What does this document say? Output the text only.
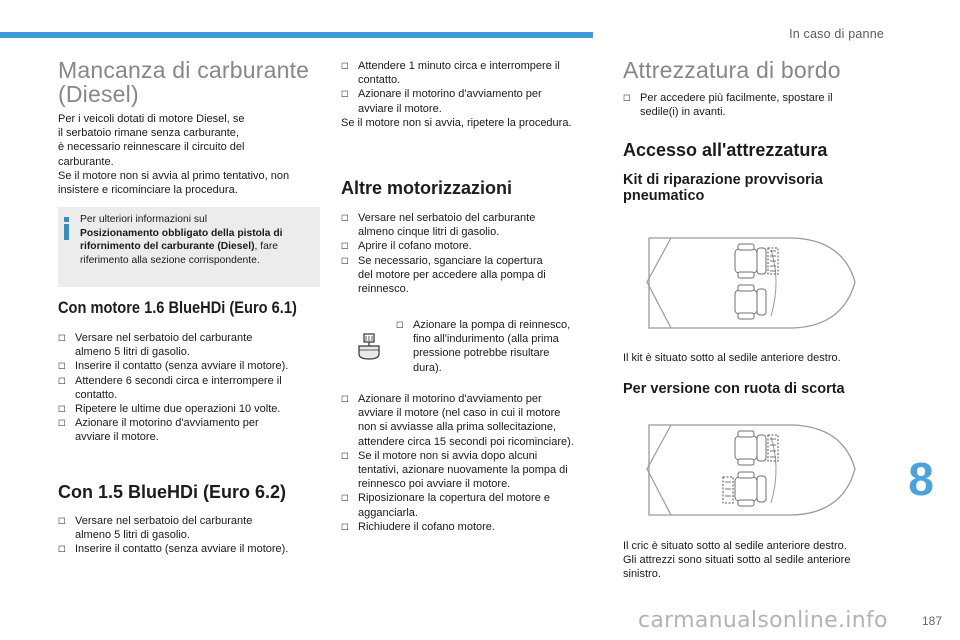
In caso di panne
Mancanza di carburante
(Diesel)
Per i veicoli dotati di motore Diesel, se
il serbatoio rimane senza carburante,
è necessario reinnescare il circuito del
carburante.
Se il motore non si avvia al primo tentativo, non
insistere e ricominciare la procedura.
Per ulteriori informazioni sul
Posizionamento obbligato della pistola di
rifornimento del carburante (Diesel), fare
riferimento alla sezione corrispondente.
Con motore 1.6 BlueHDi (Euro 6.1)
☐ Versare nel serbatoio del carburante
almeno 5 litri di gasolio.
☐ Inserire il contatto (senza avviare il motore).
☐ Attendere 6 secondi circa e interrompere il
contatto.
☐ Ripetere le ultime due operazioni 10 volte.
☐ Azionare il motorino d'avviamento per
avviare il motore.
Con 1.5 BlueHDi (Euro 6.2)
☐ Versare nel serbatoio del carburante
almeno 5 litri di gasolio.
☐ Inserire il contatto (senza avviare il motore).
☐ Attendere 1 minuto circa e interrompere il
contatto.
☐ Azionare il motorino d'avviamento per
avviare il motore.
Se il motore non si avvia, ripetere la procedura.
Altre motorizzazioni
☐ Versare nel serbatoio del carburante
almeno cinque litri di gasolio.
☐ Aprire il cofano motore.
☐ Se necessario, sganciare la copertura
del motore per accedere alla pompa di
reinnesco.
☐ Azionare la pompa di reinnesco,
fino all'indurimento (alla prima
pressione potrebbe risultare
dura).
☐ Azionare il motorino d'avviamento per
avviare il motore (nel caso in cui il motore
non si avviasse alla prima sollecitazione,
attendere circa 15 secondi poi ricominciare).
☐ Se il motore non si avvia dopo alcuni
tentativi, azionare nuovamente la pompa di
reinnesco poi avviare il motore.
☐ Riposizionare la copertura del motore e
agganciarla.
☐ Richiudere il cofano motore.
Attrezzatura di bordo
☐ Per accedere più facilmente, spostare il
sedile(i) in avanti.
Accesso all'attrezzatura
Kit di riparazione provvisoria
pneumatico
Il kit è situato sotto al sedile anteriore destro.
Per versione con ruota di scorta
Il cric è situato sotto al sedile anteriore destro.
Gli attrezzi sono situati sotto al sedile anteriore
sinistro.
8
carmanualsonline.info	187
